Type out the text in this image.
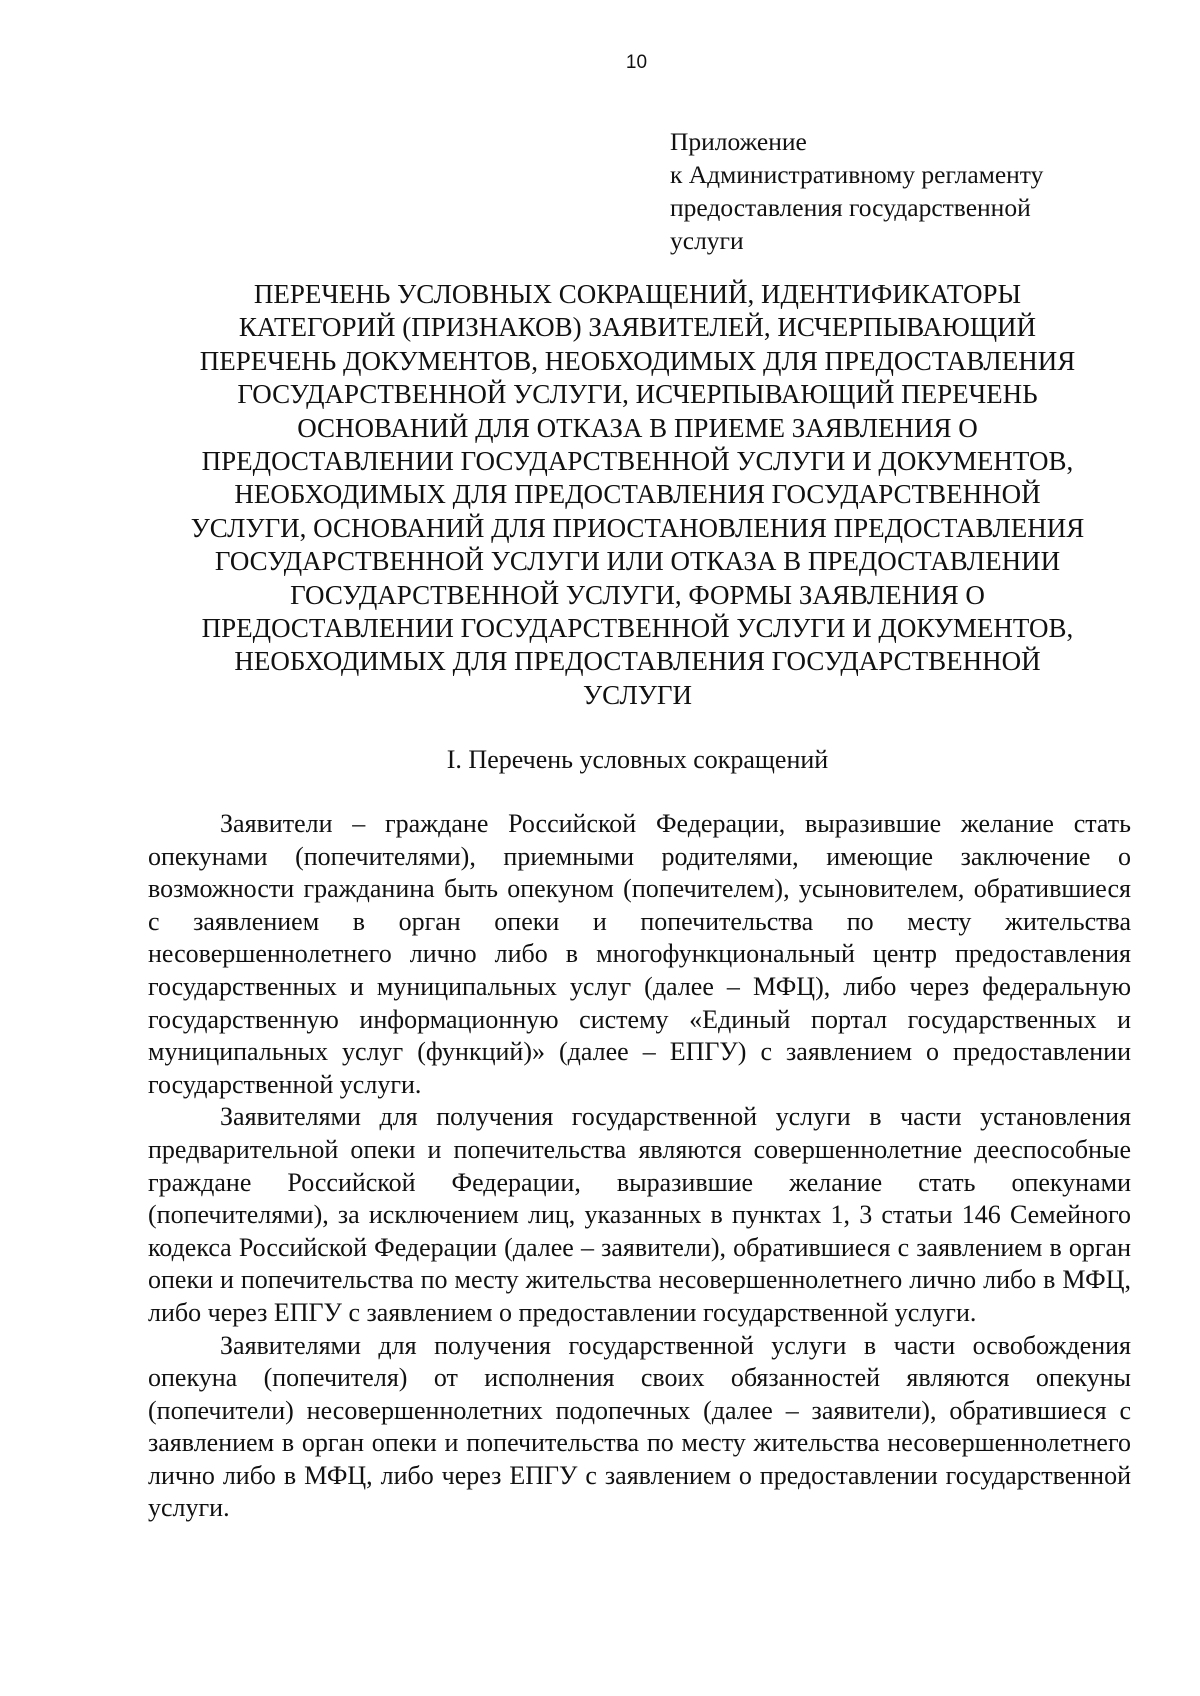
10
Приложение
к Административному регламенту
предоставления государственной
услуги
ПЕРЕЧЕНЬ УСЛОВНЫХ СОКРАЩЕНИЙ, ИДЕНТИФИКАТОРЫ
КАТЕГОРИЙ (ПРИЗНАКОВ) ЗАЯВИТЕЛЕЙ, ИСЧЕРПЫВАЮЩИЙ
ПЕРЕЧЕНЬ ДОКУМЕНТОВ, НЕОБХОДИМЫХ ДЛЯ ПРЕДОСТАВЛЕНИЯ
ГОСУДАРСТВЕННОЙ УСЛУГИ, ИСЧЕРПЫВАЮЩИЙ ПЕРЕЧЕНЬ
ОСНОВАНИЙ ДЛЯ ОТКАЗА В ПРИЕМЕ ЗАЯВЛЕНИЯ О
ПРЕДОСТАВЛЕНИИ ГОСУДАРСТВЕННОЙ УСЛУГИ И ДОКУМЕНТОВ,
НЕОБХОДИМЫХ ДЛЯ ПРЕДОСТАВЛЕНИЯ ГОСУДАРСТВЕННОЙ
УСЛУГИ, ОСНОВАНИЙ ДЛЯ ПРИОСТАНОВЛЕНИЯ ПРЕДОСТАВЛЕНИЯ
ГОСУДАРСТВЕННОЙ УСЛУГИ ИЛИ ОТКАЗА В ПРЕДОСТАВЛЕНИИ
ГОСУДАРСТВЕННОЙ УСЛУГИ, ФОРМЫ ЗАЯВЛЕНИЯ О
ПРЕДОСТАВЛЕНИИ ГОСУДАРСТВЕННОЙ УСЛУГИ И ДОКУМЕНТОВ,
НЕОБХОДИМЫХ ДЛЯ ПРЕДОСТАВЛЕНИЯ ГОСУДАРСТВЕННОЙ
УСЛУГИ
I. Перечень условных сокращений

Заявители – граждане Российской Федерации, выразившие желание стать опекунами (попечителями), приемными родителями, имеющие заключение о возможности гражданина быть опекуном (попечителем), усыновителем, обратившиеся с заявлением в орган опеки и попечительства по месту жительства несовершеннолетнего лично либо в многофункциональный центр предоставления государственных и муниципальных услуг (далее – МФЦ), либо через федеральную государственную информационную систему «Единый портал государственных и муниципальных услуг (функций)» (далее – ЕПГУ) с заявлением о предоставлении государственной услуги.

Заявителями для получения государственной услуги в части установления предварительной опеки и попечительства являются совершеннолетние дееспособные граждане Российской Федерации, выразившие желание стать опекунами (попечителями), за исключением лиц, указанных в пунктах 1, 3 статьи 146 Семейного кодекса Российской Федерации (далее – заявители), обратившиеся с заявлением в орган опеки и попечительства по месту жительства несовершеннолетнего лично либо в МФЦ, либо через ЕПГУ с заявлением о предоставлении государственной услуги.

Заявителями для получения государственной услуги в части освобождения опекуна (попечителя) от исполнения своих обязанностей являются опекуны (попечители) несовершеннолетних подопечных (далее – заявители), обратившиеся с заявлением в орган опеки и попечительства по месту жительства несовершеннолетнего лично либо в МФЦ, либо через ЕПГУ с заявлением о предоставлении государственной услуги.
